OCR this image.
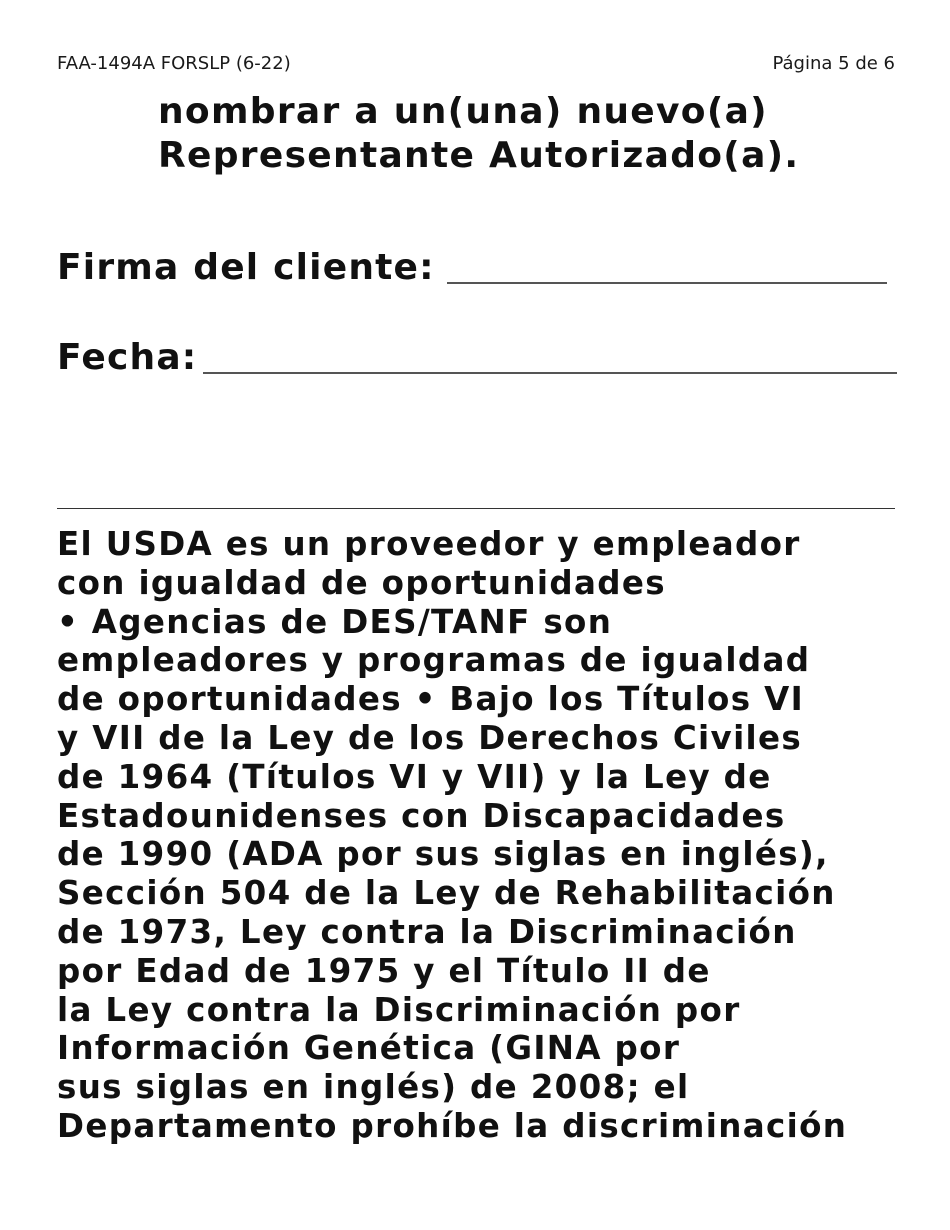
FAA-1494A FORSLP (6-22)	Página 5 de 6
nombrar a un(una) nuevo(a)
Representante Autorizado(a).
Firma del cliente:
Fecha:
El USDA es un proveedor y empleador
con igualdad de oportunidades
• Agencias de DES/TANF son
empleadores y programas de igualdad
de oportunidades • Bajo los Títulos VI
y VII de la Ley de los Derechos Civiles
de 1964 (Títulos VI y VII) y la Ley de
Estadounidenses con Discapacidades
de 1990 (ADA por sus siglas en inglés),
Sección 504 de la Ley de Rehabilitación
de 1973, Ley contra la Discriminación
por Edad de 1975 y el Título II de
la Ley contra la Discriminación por
Información Genética (GINA por
sus siglas en inglés) de 2008; el
Departamento prohíbe la discriminación
